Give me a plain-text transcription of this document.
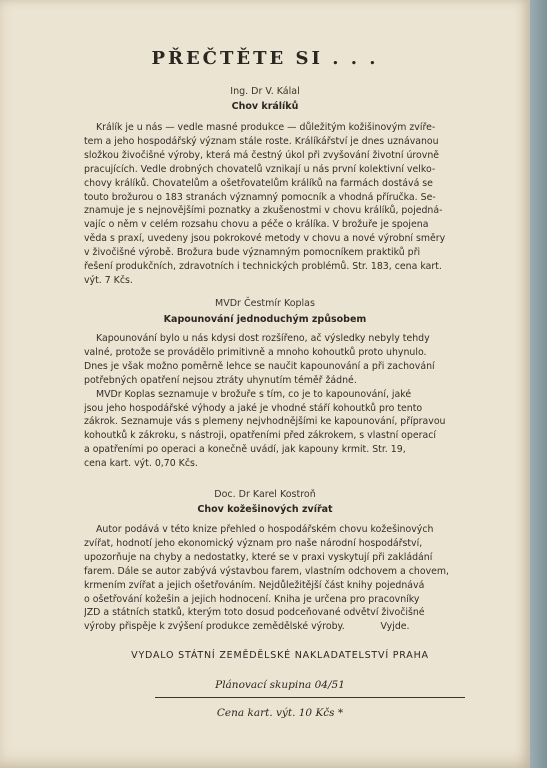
PŘEČTĚTE SI . . .
Ing. Dr V. Kálal
Chov králíků
Králík je u nás — vedle masné produkce — důležitým kožišinovým zvíře-
tem a jeho hospodářský význam stále roste. Králíkářství je dnes uznávanou
složkou živočišné výroby, která má čestný úkol při zvyšování životní úrovně
pracujících. Vedle drobných chovatelů vznikají u nás první kolektivní velko-
chovy králíků. Chovatelům a ošetřovatelům králíků na farmách dostává se
touto brožurou o 183 stranách významný pomocník a vhodná příručka. Se-
znamuje je s nejnovějšími poznatky a zkušenostmi v chovu králíků, pojedná-
vajíc o něm v celém rozsahu chovu a péče o králíka. V brožuře je spojena
věda s praxí, uvedeny jsou pokrokové metody v chovu a nové výrobní směry
v živočišné výrobě. Brožura bude významným pomocníkem praktiků při
řešení produkčních, zdravotních i technických problémů. Str. 183, cena kart.
výt. 7 Kčs.
MVDr Čestmír Koplas
Kapounování jednoduchým způsobem
Kapounování bylo u nás kdysi dost rozšířeno, ač výsledky nebyly tehdy
valné, protože se provádělo primitivně a mnoho kohoutků proto uhynulo.
Dnes je však možno poměrně lehce se naučit kapounování a při zachování
potřebných opatření nejsou ztráty uhynutím téměř žádné.
MVDr Koplas seznamuje v brožuře s tím, co je to kapounování, jaké
jsou jeho hospodářské výhody a jaké je vhodné stáří kohoutků pro tento
zákrok. Seznamuje vás s plemeny nejvhodnějšími ke kapounování, přípravou
kohoutků k zákroku, s nástroji, opatřeními před zákrokem, s vlastní operací
a opatřeními po operaci a konečně uvádí, jak kapouny krmit. Str. 19,
cena kart. výt. 0,70 Kčs.
Doc. Dr Karel Kostroň
Chov kožešinových zvířat
Autor podává v této knize přehled o hospodářském chovu kožešinových
zvířat, hodnotí jeho ekonomický význam pro naše národní hospodářství,
upozorňuje na chyby a nedostatky, které se v praxi vyskytují při zakládání
farem. Dále se autor zabývá výstavbou farem, vlastním odchovem a chovem,
krmením zvířat a jejich ošetřováním. Nejdůležitější část knihy pojednává
o ošetřování kožešin a jejich hodnocení. Kniha je určena pro pracovníky
JZD a státních statků, kterým toto dosud podceňované odvětví živočišné
výroby přispěje k zvýšení produkce zemědělské výroby.            Vyjde.
VYDALO STÁTNÍ ZEMĚDĚLSKÉ NAKLADATELSTVÍ PRAHA
Plánovací skupina 04/51
Cena kart. výt. 10 Kčs *
